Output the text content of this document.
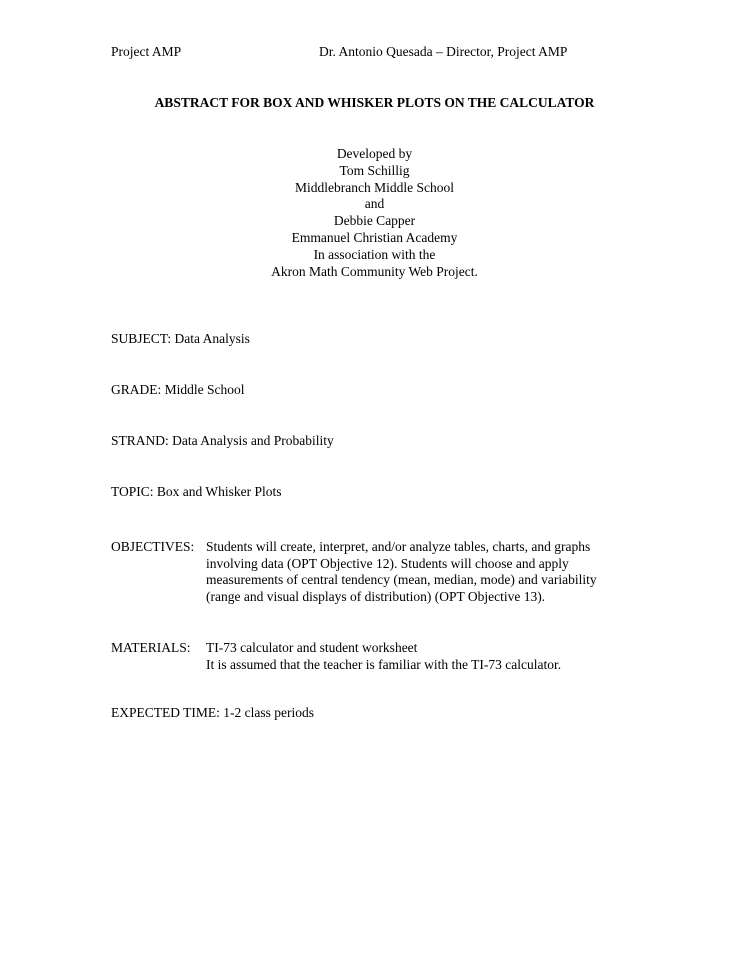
Project AMP	Dr. Antonio Quesada – Director, Project AMP
ABSTRACT FOR BOX AND WHISKER PLOTS ON THE CALCULATOR
Developed by
Tom Schillig
Middlebranch Middle School
and
Debbie Capper
Emmanuel Christian Academy
In association with the
Akron Math Community Web Project.
SUBJECT: Data Analysis
GRADE: Middle School
STRAND: Data Analysis and Probability
TOPIC: Box and Whisker Plots
OBJECTIVES: Students will create, interpret, and/or analyze tables, charts, and graphs
involving data (OPT Objective 12). Students will choose and apply
measurements of central tendency (mean, median, mode) and variability
(range and visual displays of distribution) (OPT Objective 13).
MATERIALS: TI-73 calculator and student worksheet
It is assumed that the teacher is familiar with the TI-73 calculator.
EXPECTED TIME: 1-2 class periods
